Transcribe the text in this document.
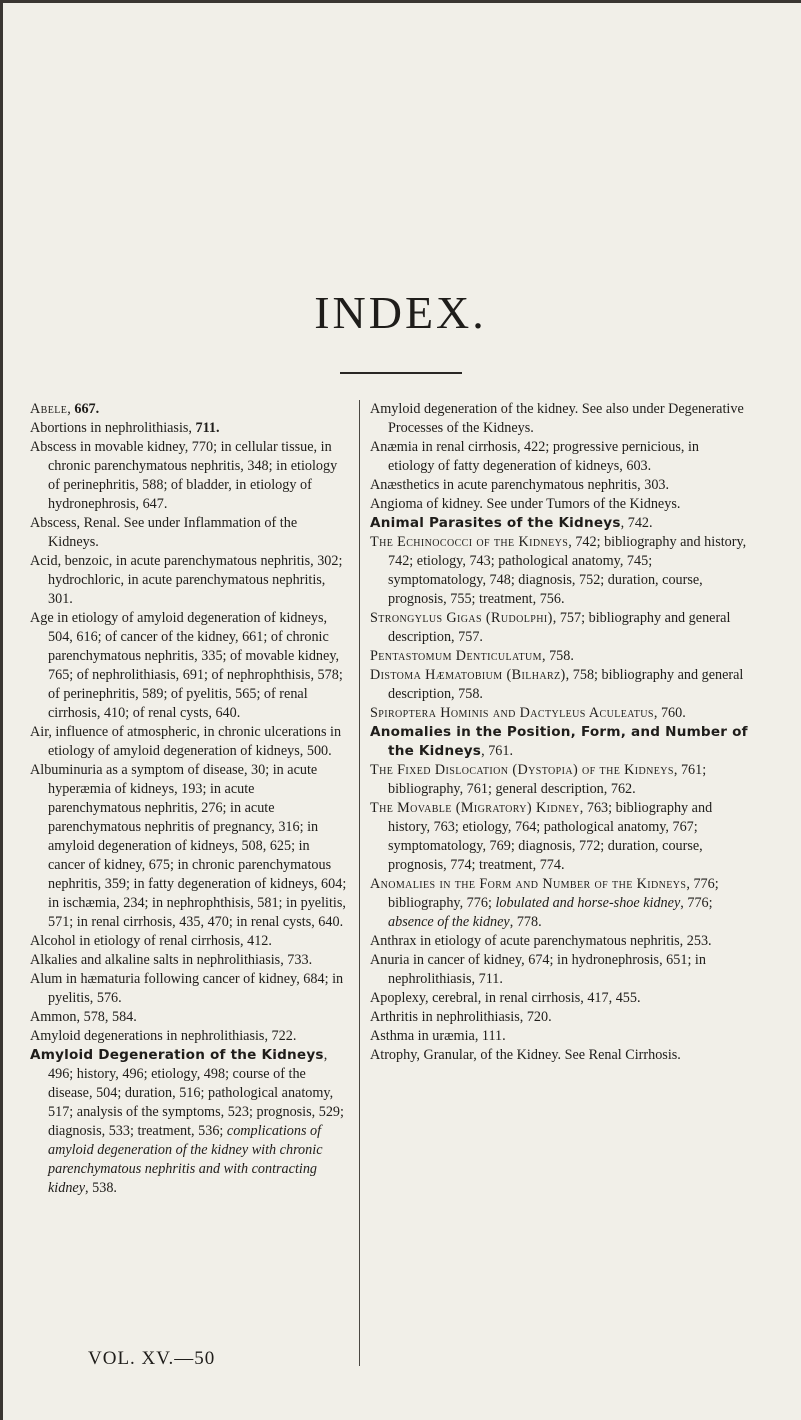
INDEX.

Abele, 667.

Abortions in nephrolithiasis, 711.

Abscess in movable kidney, 770; in cellular tissue, in chronic parenchymatous nephritis, 348; in etiology of perinephritis, 588; of bladder, in etiology of hydronephrosis, 647.

Abscess, Renal. See under Inflammation of the Kidneys.

Acid, benzoic, in acute parenchymatous nephritis, 302; hydrochloric, in acute parenchymatous nephritis, 301.

Age in etiology of amyloid degeneration of kidneys, 504, 616; of cancer of the kidney, 661; of chronic parenchymatous nephritis, 335; of movable kidney, 765; of nephrolithiasis, 691; of nephrophthisis, 578; of perinephritis, 589; of pyelitis, 565; of renal cirrhosis, 410; of renal cysts, 640.

Air, influence of atmospheric, in chronic ulcerations in etiology of amyloid degeneration of kidneys, 500.

Albuminuria as a symptom of disease, 30; in acute hyperæmia of kidneys, 193; in acute parenchymatous nephritis, 276; in acute parenchymatous nephritis of pregnancy, 316; in amyloid degeneration of kidneys, 508, 625; in cancer of kidney, 675; in chronic parenchymatous nephritis, 359; in fatty degeneration of kidneys, 604; in ischæmia, 234; in nephrophthisis, 581; in pyelitis, 571; in renal cirrhosis, 435, 470; in renal cysts, 640.

Alcohol in etiology of renal cirrhosis, 412.

Alkalies and alkaline salts in nephrolithiasis, 733.

Alum in hæmaturia following cancer of kidney, 684; in pyelitis, 576.

Ammon, 578, 584.

Amyloid degenerations in nephrolithiasis, 722.

Amyloid Degeneration of the Kidneys, 496; history, 496; etiology, 498; course of the disease, 504; duration, 516; pathological anatomy, 517; analysis of the symptoms, 523; prognosis, 529; diagnosis, 533; treatment, 536; complications of amyloid degeneration of the kidney with chronic parenchymatous nephritis and with contracting kidney, 538.

Amyloid degeneration of the kidney. See also under Degenerative Processes of the Kidneys.

Anæmia in renal cirrhosis, 422; progressive pernicious, in etiology of fatty degeneration of kidneys, 603.

Anæsthetics in acute parenchymatous nephritis, 303.

Angioma of kidney. See under Tumors of the Kidneys.

Animal Parasites of the Kidneys, 742.

The Echinococci of the Kidneys, 742; bibliography and history, 742; etiology, 743; pathological anatomy, 745; symptomatology, 748; diagnosis, 752; duration, course, prognosis, 755; treatment, 756.

Strongylus Gigas (Rudolphi), 757; bibliography and general description, 757.

Pentastomum Denticulatum, 758.

Distoma Hæmatobium (Bilharz), 758; bibliography and general description, 758.

Spiroptera Hominis and Dactyleus Aculeatus, 760.

Anomalies in the Position, Form, and Number of the Kidneys, 761.

The Fixed Dislocation (Dystopia) of the Kidneys, 761; bibliography, 761; general description, 762.

The Movable (Migratory) Kidney, 763; bibliography and history, 763; etiology, 764; pathological anatomy, 767; symptomatology, 769; diagnosis, 772; duration, course, prognosis, 774; treatment, 774.

Anomalies in the Form and Number of the Kidneys, 776; bibliography, 776; lobulated and horse-shoe kidney, 776; absence of the kidney, 778.

Anthrax in etiology of acute parenchymatous nephritis, 253.

Anuria in cancer of kidney, 674; in hydronephrosis, 651; in nephrolithiasis, 711.

Apoplexy, cerebral, in renal cirrhosis, 417, 455.

Arthritis in nephrolithiasis, 720.

Asthma in uræmia, 111.

Atrophy, Granular, of the Kidney. See Renal Cirrhosis.

VOL. XV.—50
